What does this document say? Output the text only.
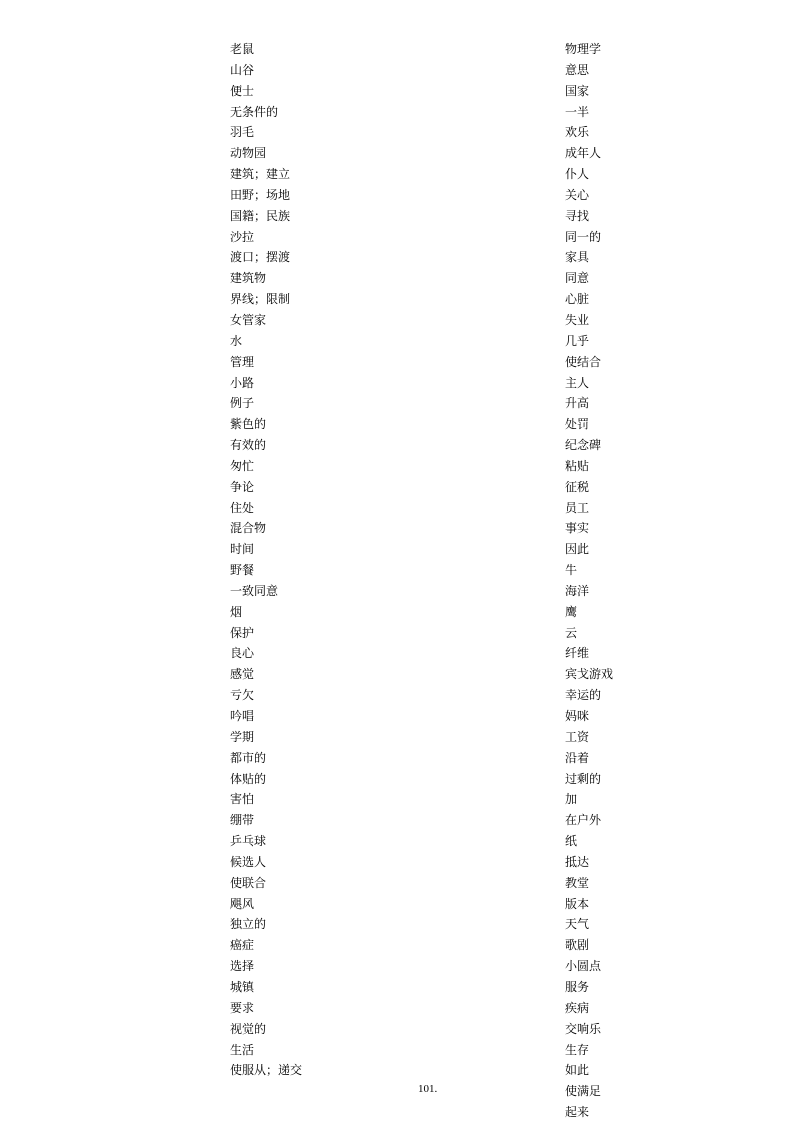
老鼠
山谷
便士
无条件的
羽毛
动物园
建筑；建立
田野；场地
国籍；民族
沙拉
渡口；摆渡
建筑物
界线；限制
女管家
水
管理
小路
例子
紫色的
有效的
匆忙
争论
住处
混合物
时间
野餐
一致同意
烟
保护
良心
感觉
亏欠
吟唱
学期
都市的
体贴的
害怕
绷带
乒乓球
候选人
使联合
飓风
独立的
癌症
选择
城镇
要求
视觉的
生活
使服从；递交
物理学
意思
国家
一半
欢乐
成年人
仆人
关心
寻找
同一的
家具
同意
心脏
失业
几乎
使结合
主人
升高
处罚
纪念碑
粘贴
征税
员工
事实
因此
牛
海洋
鹰
云
纤维
宾戈游戏
幸运的
妈咪
工资
沿着
过剩的
加
在户外
纸
抵达
教堂
版本
天气
歌剧
小圆点
服务
疾病
交响乐
生存
如此
使满足
起来
101.
